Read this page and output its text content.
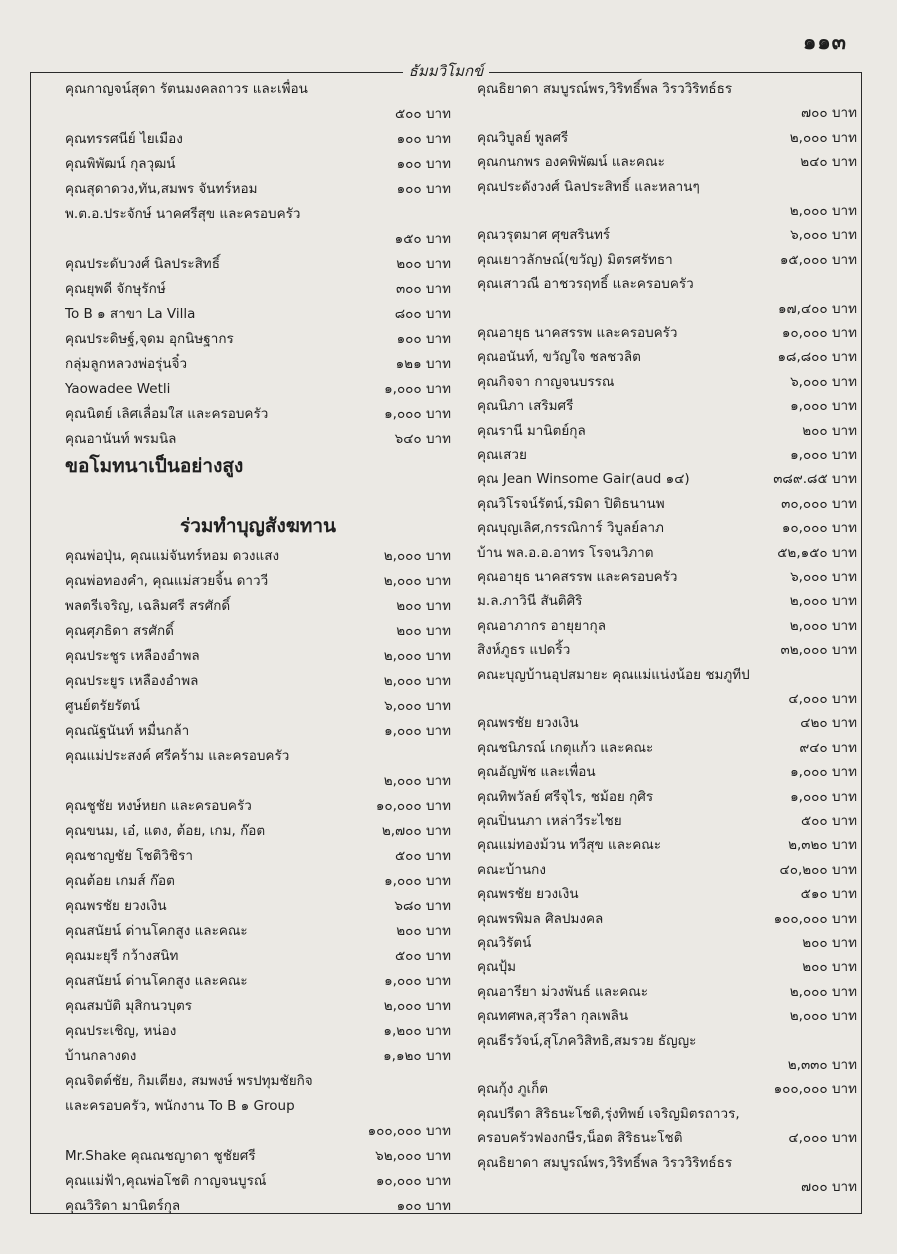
๑๑๓
ธัมมวิโมกข์
คุณกาญจน์สุดา รัตนมงคลถาวร และเพื่อน
๕๐๐ บาท
คุณทรรศนีย์ ไยเมือง	๑๐๐ บาท
คุณพิพัฒน์ กุลวุฒน์	๑๐๐ บาท
คุณสุดาดวง,ทัน,สมพร จันทร์หอม	๑๐๐ บาท
พ.ต.อ.ประจักษ์ นาคศรีสุข และครอบครัว
๑๕๐ บาท
คุณประดับวงศ์ นิลประสิทธิ์	๒๐๐ บาท
คุณยุพดี จักษุรักษ์	๓๐๐ บาท
To B ๑ สาขา La Villa	๘๐๐ บาท
คุณประดิษฐ์,จุดม อุกนิษฐากร	๑๐๐ บาท
กลุ่มลูกหลวงพ่อรุ่นจิ๋ว	๑๒๑ บาท
Yaowadee Wetli	๑,๐๐๐ บาท
คุณนิตย์ เลิศเลื่อมใส และครอบครัว	๑,๐๐๐ บาท
คุณอานันท์ พรมนิล	๖๔๐ บาท
ขอโมทนาเป็นอย่างสูง
ร่วมทำบุญสังฆทาน
คุณพ่อปุ่น, คุณแม่จันทร์หอม ดวงแสง	๒,๐๐๐ บาท
คุณพ่อทองคำ, คุณแม่สวยจิ้น ดาววี	๒,๐๐๐ บาท
พลตรีเจริญ, เฉลิมศรี สรศักดิ์	๒๐๐ บาท
คุณศุภธิดา สรศักดิ์	๒๐๐ บาท
คุณประชูร เหลืองอำพล	๒,๐๐๐ บาท
คุณประยูร เหลืองอำพล	๒,๐๐๐ บาท
ศูนย์ตรัยรัตน์	๖,๐๐๐ บาท
คุณณัฐนันท์ หมื่นกล้า	๑,๐๐๐ บาท
คุณแม่ประสงค์ ศรีคร้าม และครอบครัว
๒,๐๐๐ บาท
คุณชูชัย หงษ์หยก และครอบครัว	๑๐,๐๐๐ บาท
คุณขนม, เอ๋, แตง, ต้อย, เกม, ก๊อต	๒,๗๐๐ บาท
คุณชาญชัย โชติวิชิรา	๕๐๐ บาท
คุณต้อย เกมส์ ก๊อต	๑,๐๐๐ บาท
คุณพรชัย ยวงเงิน	๖๘๐ บาท
คุณสนัยน์ ด่านโคกสูง และคณะ	๒๐๐ บาท
คุณมะยุรี กว้างสนิท	๕๐๐ บาท
คุณสนัยน์ ด่านโคกสูง และคณะ	๑,๐๐๐ บาท
คุณสมบัติ มุสิกนวบุตร	๒,๐๐๐ บาท
คุณประเชิญ, หน่อง	๑,๒๐๐ บาท
บ้านกลางดง	๑,๑๒๐ บาท
คุณจิตต์ชัย, กิมเตียง, สมพงษ์ พรปทุมชัยกิจ
และครอบครัว, พนักงาน To B ๑ Group
๑๐๐,๐๐๐ บาท
Mr.Shake คุณณชญาดา ชูชัยศรี	๖๒,๐๐๐ บาท
คุณแม่ฟ้า,คุณพ่อโชติ กาญจนบูรณ์	๑๐,๐๐๐ บาท
คุณวิริดา มานิตร์กุล	๑๐๐ บาท
คุณธิยาดา สมบูรณ์พร,วิริทธิ์พล วิรววิริทธ์ธร
๗๐๐ บาท
คุณวิบูลย์ พูลศรี	๒,๐๐๐ บาท
คุณกนกพร องคพิพัฒน์ และคณะ	๒๔๐ บาท
คุณประดังวงศ์ นิลประสิทธิ์ และหลานๆ
๒,๐๐๐ บาท
คุณวรุตมาศ ศุขสรินทร์	๖,๐๐๐ บาท
คุณเยาวลักษณ์(ขวัญ) มิตรศรัทธา	๑๕,๐๐๐ บาท
คุณเสาวณี อาชวรฤทธิ์ และครอบครัว
๑๗,๔๐๐ บาท
คุณอายุธ นาคสรรพ และครอบครัว	๑๐,๐๐๐ บาท
คุณอนันท์, ขวัญใจ ชลชวลิต	๑๘,๘๐๐ บาท
คุณกิจจา กาญจนบรรณ	๖,๐๐๐ บาท
คุณนิภา เสริมศรี	๑,๐๐๐ บาท
คุณรานี มานิตย์กุล	๒๐๐ บาท
คุณเสวย	๑,๐๐๐ บาท
คุณ Jean Winsome Gair(aud ๑๔)	๓๘๙.๘๕ บาท
คุณวิโรจน์รัตน์,รมิดา ปิติธนานพ	๓๐,๐๐๐ บาท
คุณบุญเลิศ,กรรณิการ์ วิบูลย์ลาภ	๑๐,๐๐๐ บาท
บ้าน พล.อ.อ.อาทร โรจนวิภาต	๕๒,๑๕๐ บาท
คุณอายุธ นาคสรรพ และครอบครัว	๖,๐๐๐ บาท
ม.ล.ภาวินี สันติศิริ	๒,๐๐๐ บาท
คุณอาภากร อายุยากุล	๒,๐๐๐ บาท
สิงห์ภูธร แปดริ้ว	๓๒,๐๐๐ บาท
คณะบุญบ้านอุปสมายะ คุณแม่แน่งน้อย ชมภูทีป
๔,๐๐๐ บาท
คุณพรชัย ยวงเงิน	๔๒๐ บาท
คุณชนิภรณ์ เกตุแก้ว และคณะ	๙๔๐ บาท
คุณอัญพัช และเพื่อน	๑,๐๐๐ บาท
คุณทิพวัลย์ ศรีจุไร, ชม้อย กุศิร	๑,๐๐๐ บาท
คุณปิ่นนภา เหล่าวีระไชย	๕๐๐ บาท
คุณแม่ทองม้วน ทวีสุข และคณะ	๒,๓๒๐ บาท
คณะบ้านกง	๔๐,๒๐๐ บาท
คุณพรชัย ยวงเงิน	๕๑๐ บาท
คุณพรพิมล ศิลปมงคล	๑๐๐,๐๐๐ บาท
คุณวิรัตน์	๒๐๐ บาท
คุณปุ้ม	๒๐๐ บาท
คุณอารียา ม่วงพันธ์ และคณะ	๒,๐๐๐ บาท
คุณทศพล,สุวรีลา กุลเพลิน	๒,๐๐๐ บาท
คุณธีรวัจน์,สุโภควิสิทธิ,สมรวย ธัญญะ
๒,๓๓๐ บาท
คุณกุ้ง ภูเก็ต	๑๐๐,๐๐๐ บาท
คุณปรีดา สิริธนะโชติ,รุ่งทิพย์ เจริญมิตรถาวร,
ครอบครัวฟองกษีร,น็อต สิริธนะโชติ	๔,๐๐๐ บาท
คุณธิยาดา สมบูรณ์พร,วิริทธิ์พล วิรววิริทธ์ธร
๗๐๐ บาท
